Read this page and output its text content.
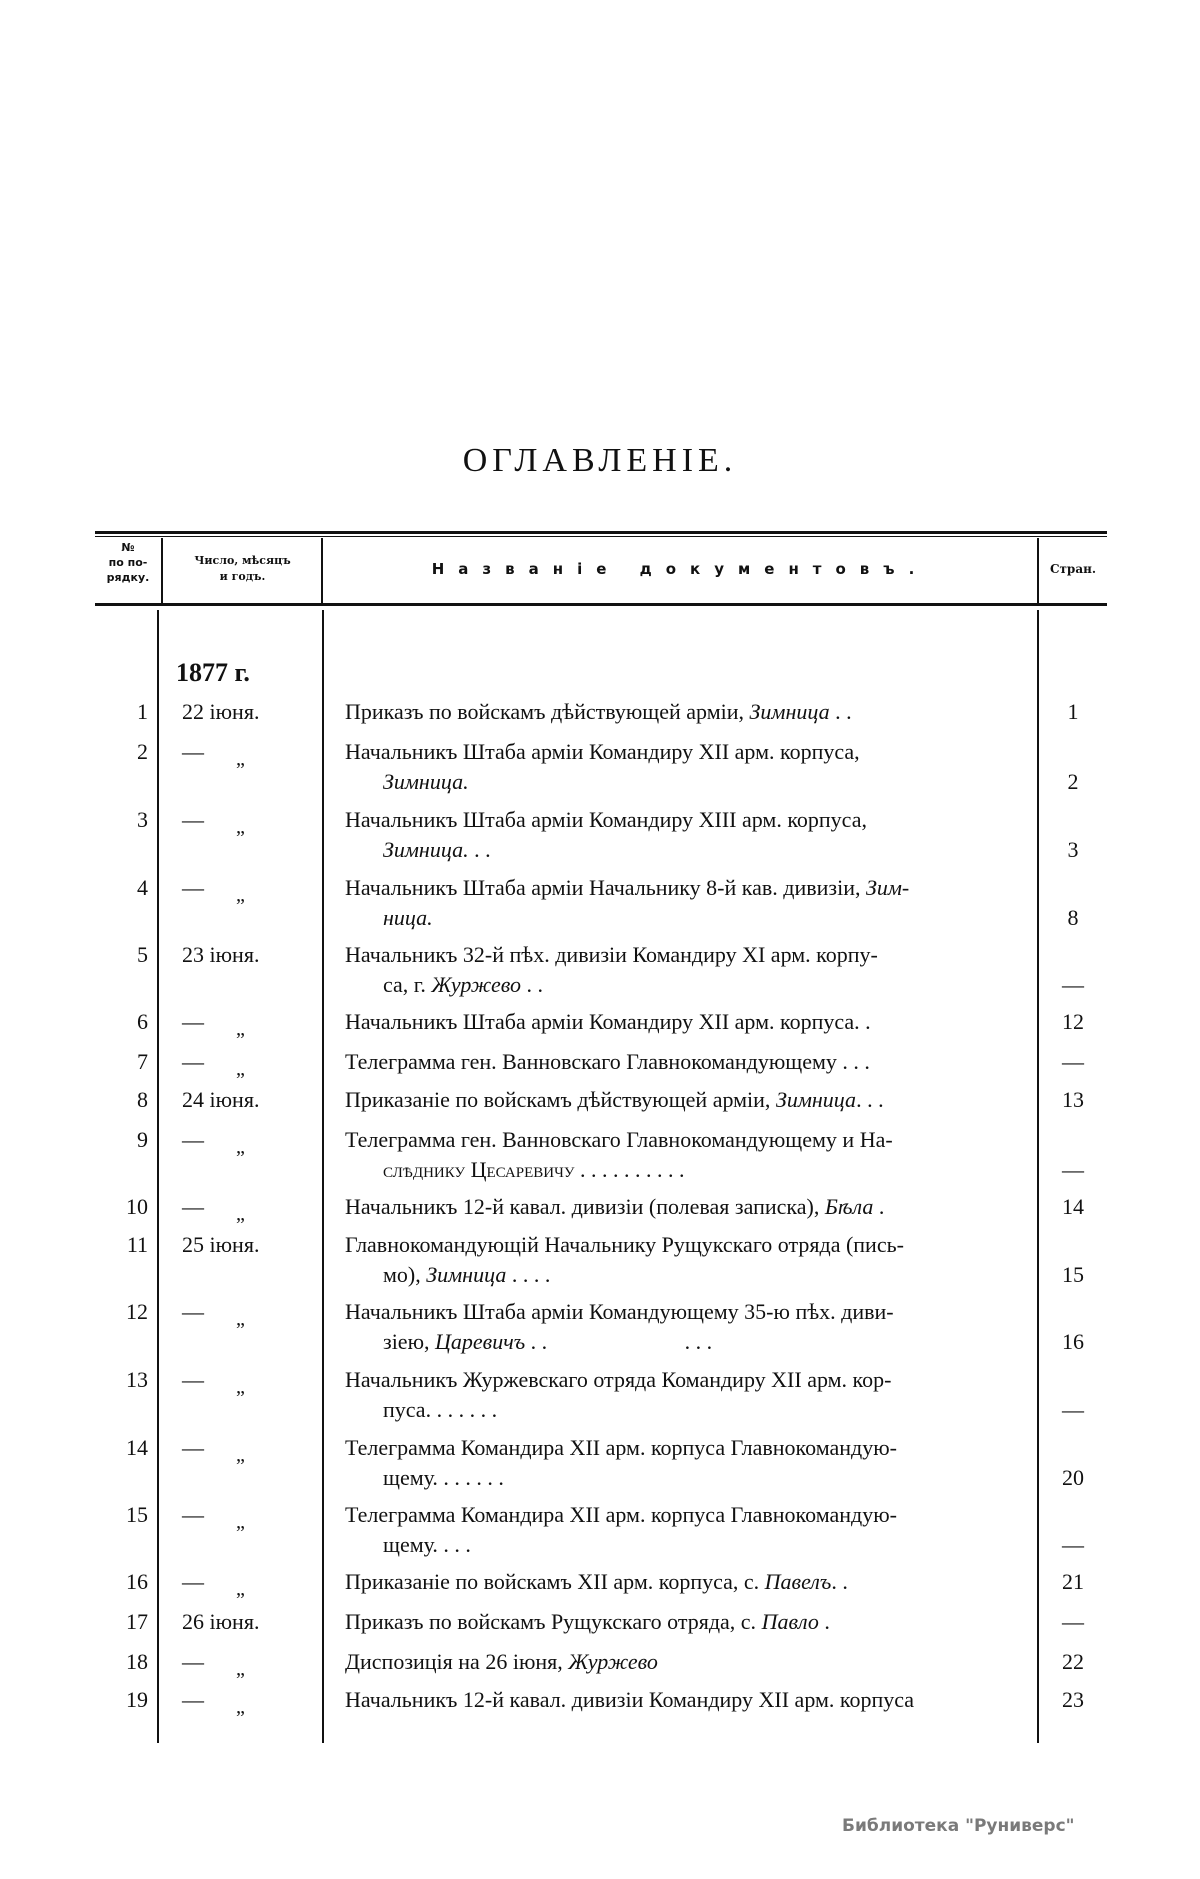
ОГЛАВЛЕНІЕ.
№
по по-
рядку.
Число, мѣсяцъ
и годъ.	Названіе документовъ.	Стран.
1877 г.
1 22 іюня.	Приказъ по войскамъ дѣйствующей арміи, Зимница . .	1
2 — „	Начальникъ Штаба арміи Командиру XII арм. корпуса,
Зимница.	2
3 — „	Начальникъ Штаба арміи Командиру XIII арм. корпуса,
Зимница. . .	3
4 — „	Начальникъ Штаба арміи Начальнику 8-й кав. дивизіи, Зим-
ница.	8
5 23 іюня.	Начальникъ 32-й пѣх. дивизіи Командиру XI арм. корпу-
са, г. Журжево . .	—
6 — „	Начальникъ Штаба арміи Командиру XII арм. корпуса. .	12
7 — „	Телеграмма ген. Ванновскаго Главнокомандующему . . .	—
8 24 іюня.	Приказаніе по войскамъ дѣйствующей арміи, Зимница. . .	13
9 — „	Телеграмма ген. Ванновскаго Главнокомандующему и На-
слѣднику Цесаревичу . . . . . . . . . .	—
10 — „	Начальникъ 12-й кавал. дивизіи (полевая записка), Бѣла .	14
11 25 іюня.	Главнокомандующій Начальнику Рущукскаго отряда (пись-
мо), Зимница . . . .	15
12 — „	Начальникъ Штаба арміи Командующему 35-ю пѣх. диви-
зіею, Царевичъ . .                         . . .	16
13 — „	Начальникъ Журжевскаго отряда Командиру XII арм. кор-
пуса. . . . . . .	—
14 — „	Телеграмма Командира XII арм. корпуса Главнокомандую-
щему. . . . . . .	20
15 — „	Телеграмма Командира XII арм. корпуса Главнокомандую-
щему. . . .	—
16 — „	Приказаніе по войскамъ XII арм. корпуса, с. Павелъ. .	21
17 26 іюня.	Приказъ по войскамъ Рущукскаго отряда, с. Павло .	—
18 — „	Диспозиція на 26 іюня, Журжево	22
19 — „	Начальникъ 12-й кавал. дивизіи Командиру XII арм. корпуса	23
Библиотека "Руниверс"
